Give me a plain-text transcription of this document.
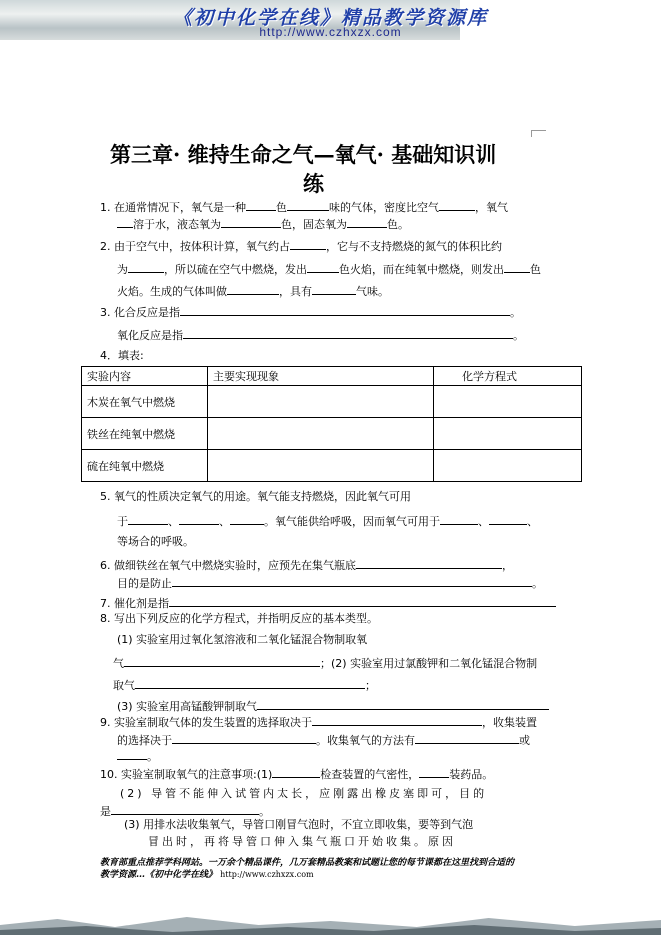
《初中化学在线》精品教学资源库
http://www.czhxzx.com
第三章· 维持生命之气—氧气· 基础知识训
练
1. 在通常情况下，氧气是一种	色	味的气体，密度比空气	，氧气
溶于水，液态氧为	色，固态氧为	色。
2. 由于空气中，按体积计算，氧气约占	，它与不支持燃烧的氮气的体积比约
为	，所以硫在空气中燃烧，发出	色火焰，而在纯氧中燃烧，则发出 色
火焰。生成的气体叫做	，具有	气味。
3. 化合反应是指	。
氧化反应是指	。
4．填表:
实验内容	主要实现现象	化学方程式
木炭在氧气中燃烧		
铁丝在纯氧中燃烧		
硫在纯氧中燃烧		
5. 氧气的性质决定氧气的用途。氧气能支持燃烧，因此氧气可用
于	、	、	。氧气能供给呼吸，因而氧气可用于	、	、
等场合的呼吸。
6. 做细铁丝在氧气中燃烧实验时，应预先在集气瓶底	，
目的是防止	。
7. 催化剂是指
8. 写出下列反应的化学方程式，并指明反应的基本类型。
(1) 实验室用过氧化氢溶液和二氧化锰混合物制取氧
气	；(2) 实验室用过氯酸钾和二氧化锰混合物制
取气	；
(3) 实验室用高锰酸钾制取气
9. 实验室制取气体的发生装置的选择取决于	，收集装置
的选择决于	。收集氧气的方法有	或
。
10. 实验室制取氧气的注意事项:(1)	检查装置的气密性，	装药品。
(2) 导管不能伸入试管内太长，应刚露出橡皮塞即可，目的
是	。
(3) 用排水法收集氧气，导管口刚冒气泡时，不宜立即收集，要等到气泡
冒出时，再将导管口伸入集气瓶口开始收集。原因
教育部重点推荐学科网站。一万余个精品课件，几万套精品教案和试题让您的每节课都在这里找到合适的
教学资源…《初中化学在线》 http://www.czhxzx.com
